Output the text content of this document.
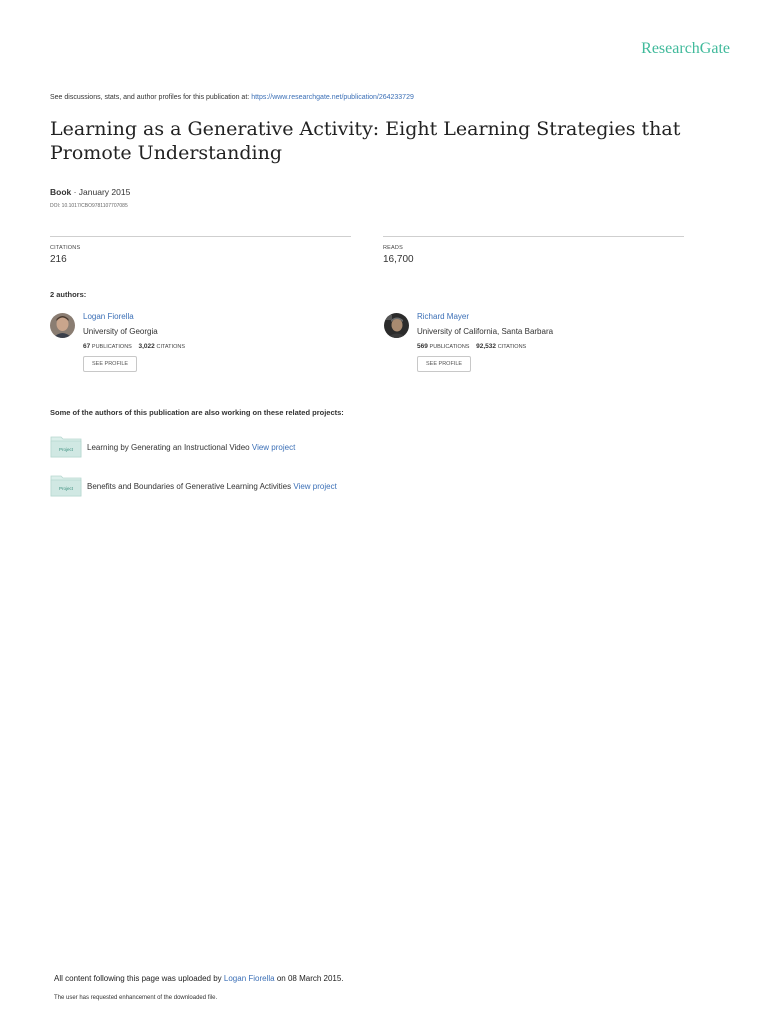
ResearchGate
See discussions, stats, and author profiles for this publication at: https://www.researchgate.net/publication/264233729
Learning as a Generative Activity: Eight Learning Strategies that Promote Understanding
Book · January 2015
DOI: 10.1017/CBO9781107707085
CITATIONS
216
READS
16,700
2 authors:
Logan Fiorella
University of Georgia
67 PUBLICATIONS 3,022 CITATIONS
SEE PROFILE
Richard Mayer
University of California, Santa Barbara
569 PUBLICATIONS 92,532 CITATIONS
SEE PROFILE
Some of the authors of this publication are also working on these related projects:
Project Learning by Generating an Instructional Video View project
Project Benefits and Boundaries of Generative Learning Activities View project
All content following this page was uploaded by Logan Fiorella on 08 March 2015.
The user has requested enhancement of the downloaded file.
